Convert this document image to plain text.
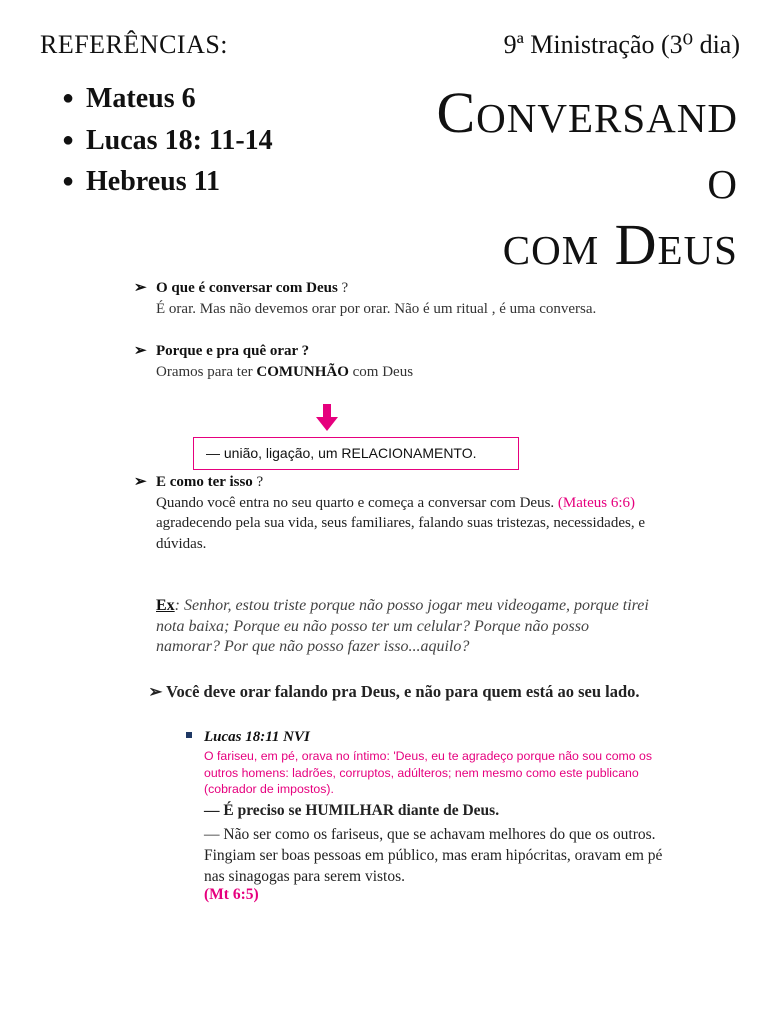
REFERÊNCIAS:
● Mateus 6
● Lucas 18: 11-14
● Hebreus 11
9ª Ministração (3⁰ dia)
Conversand
o
com Deus
➢ O que é conversar com Deus ?
É orar. Mas não devemos orar por orar. Não é um ritual , é uma conversa.
➢ Porque e pra quê orar ?
Oramos para ter COMUNHÃO com Deus
➢ E como ter isso ?
Quando você entra no seu quarto e começa a conversar com Deus. (Mateus 6:6) agradecendo pela sua vida, seus familiares, falando suas tristezas, necessidades, e dúvidas.
— união, ligação, um RELACIONAMENTO.
Ex: Senhor, estou triste porque não posso jogar meu videogame, porque tirei nota baixa; Porque eu não posso ter um celular? Porque não posso namorar? Por que não posso fazer isso...aquilo?
➢ Você deve orar falando pra Deus, e não para quem está ao seu lado.
Lucas 18:11 NVI
O fariseu, em pé, orava no íntimo: 'Deus, eu te agradeço porque não sou como os outros homens: ladrões, corruptos, adúlteros; nem mesmo como este publicano (cobrador de impostos).
— É preciso se HUMILHAR diante de Deus.
— Não ser como os fariseus, que se achavam melhores do que os outros. Fingiam ser boas pessoas em público, mas eram hipócritas, oravam em pé nas sinagogas para serem vistos.
(Mt 6:5)
